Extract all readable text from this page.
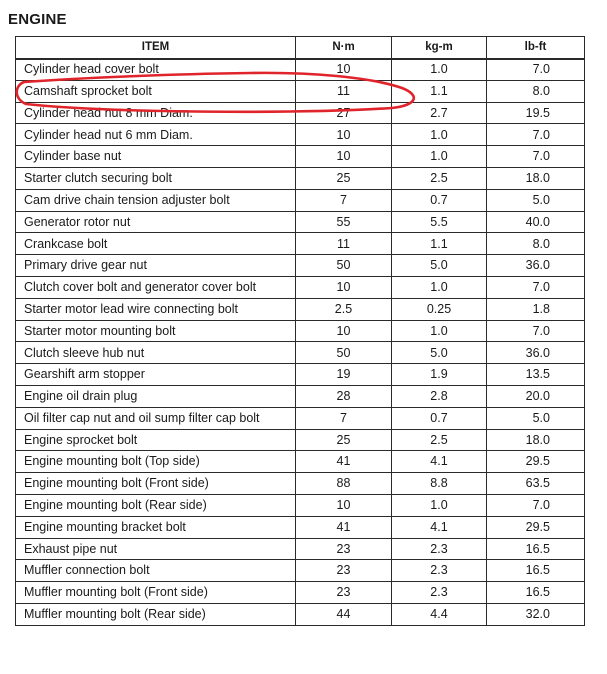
ENGINE
ITEM	N·m	kg-m	lb-ft
Cylinder head cover bolt	10	1.0	7.0
Camshaft sprocket bolt	11	1.1	8.0
Cylinder head nut 8 mm Diam.	27	2.7	19.5
Cylinder head nut 6 mm Diam.	10	1.0	7.0
Cylinder base nut	10	1.0	7.0
Starter clutch securing bolt	25	2.5	18.0
Cam drive chain tension adjuster bolt	7	0.7	5.0
Generator rotor nut	55	5.5	40.0
Crankcase bolt	11	1.1	8.0
Primary drive gear nut	50	5.0	36.0
Clutch cover bolt and generator cover bolt	10	1.0	7.0
Starter motor lead wire connecting bolt	2.5	0.25	1.8
Starter motor mounting bolt	10	1.0	7.0
Clutch sleeve hub nut	50	5.0	36.0
Gearshift arm stopper	19	1.9	13.5
Engine oil drain plug	28	2.8	20.0
Oil filter cap nut and oil sump filter cap bolt	7	0.7	5.0
Engine sprocket bolt	25	2.5	18.0
Engine mounting bolt (Top side)	41	4.1	29.5
Engine mounting bolt (Front side)	88	8.8	63.5
Engine mounting bolt (Rear side)	10	1.0	7.0
Engine mounting bracket bolt	41	4.1	29.5
Exhaust pipe nut	23	2.3	16.5
Muffler connection bolt	23	2.3	16.5
Muffler mounting bolt (Front side)	23	2.3	16.5
Muffler mounting bolt (Rear side)	44	4.4	32.0
